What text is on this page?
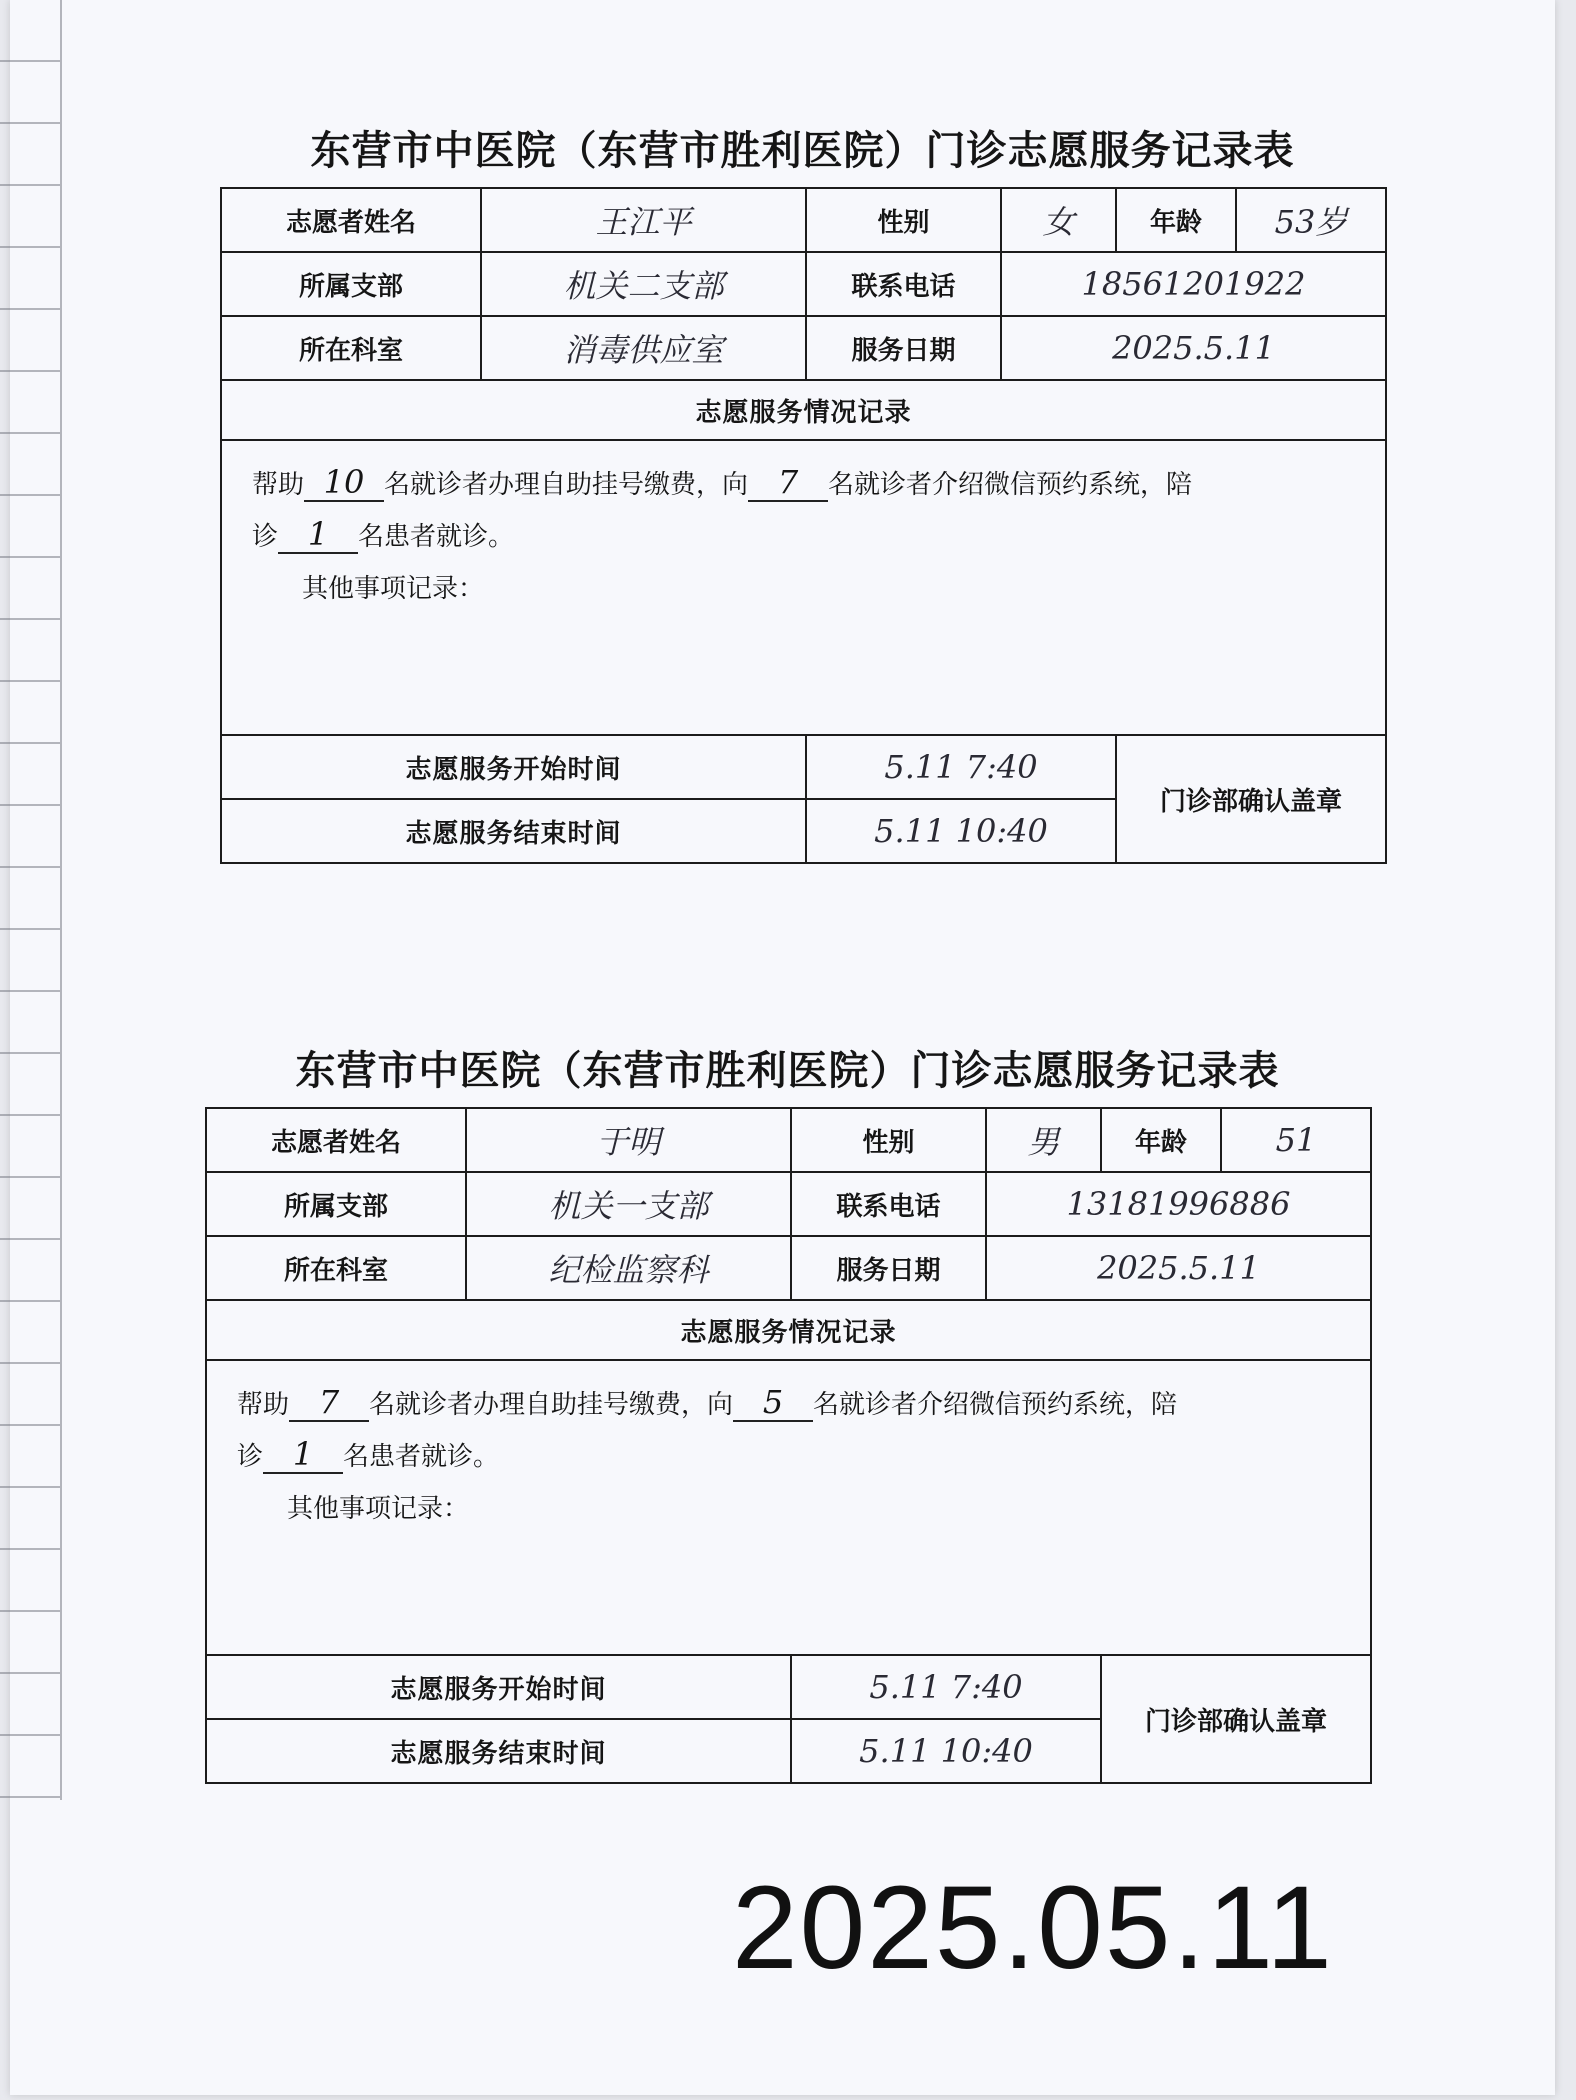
东营市中医院（东营市胜利医院）门诊志愿服务记录表
志愿者姓名	王江平	性别	女	年龄	53岁
所属支部	机关二支部	联系电话	18561201922		
所在科室	消毒供应室	服务日期	2025.5.11		
志愿服务情况记录					
帮助 10 名就诊者办理自助挂号缴费，向 7 名就诊者介绍微信预约系统，陪
诊 1 名患者就诊。
其他事项记录：					
志愿服务开始时间		5.11 7:40		门诊部确认盖章	
志愿服务结束时间		5.11 10:40			
东营市中医院（东营市胜利医院）门诊志愿服务记录表
志愿者姓名	于明	性别	男	年龄	51
所属支部	机关一支部	联系电话	13181996886		
所在科室	纪检监察科	服务日期	2025.5.11		
志愿服务情况记录					
帮助 7 名就诊者办理自助挂号缴费，向 5 名就诊者介绍微信预约系统，陪
诊 1 名患者就诊。
其他事项记录：					
志愿服务开始时间		5.11 7:40		门诊部确认盖章	
志愿服务结束时间		5.11 10:40			
2025.05.11
